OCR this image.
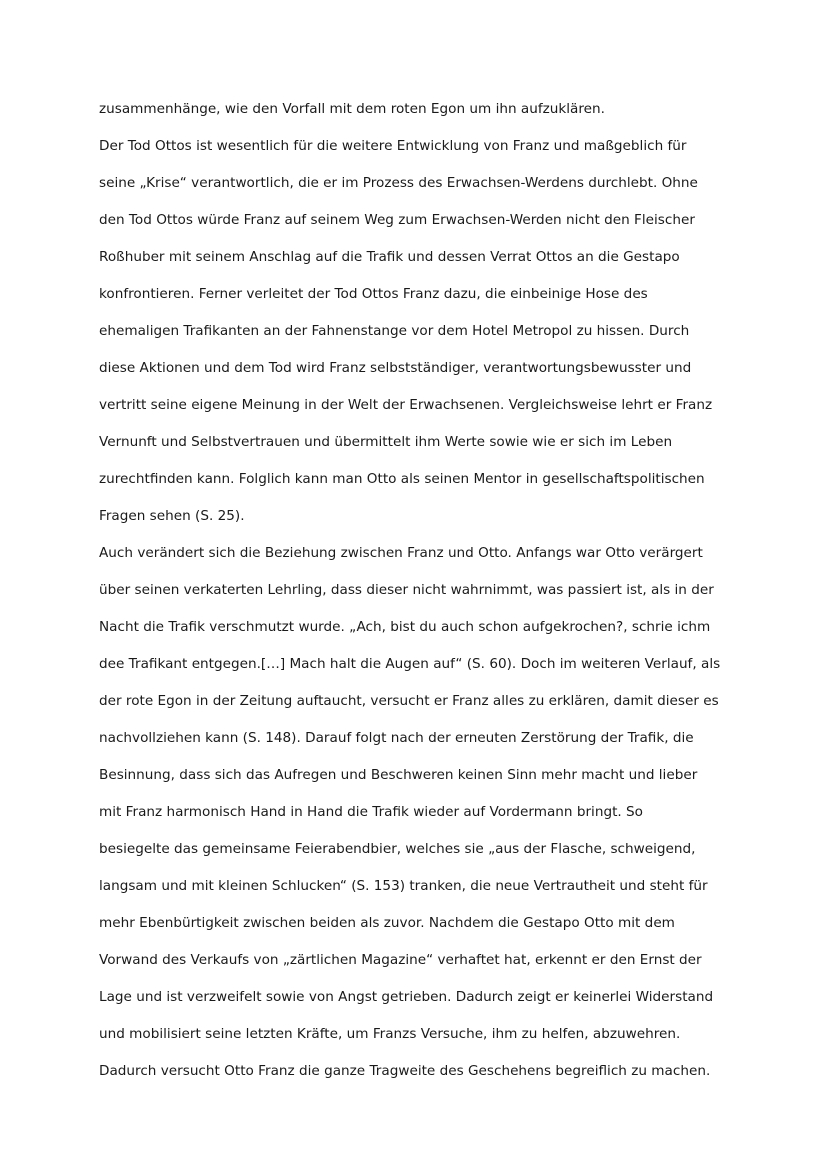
zusammenhänge, wie den Vorfall mit dem roten Egon um ihn aufzuklären.
Der Tod Ottos ist wesentlich für die weitere Entwicklung von Franz und maßgeblich für
seine „Krise“ verantwortlich, die er im Prozess des Erwachsen-Werdens durchlebt. Ohne
den Tod Ottos würde Franz auf seinem Weg zum Erwachsen-Werden nicht den Fleischer
Roßhuber mit seinem Anschlag auf die Trafik und dessen Verrat Ottos an die Gestapo
konfrontieren. Ferner verleitet der Tod Ottos Franz dazu, die einbeinige Hose des
ehemaligen Trafikanten an der Fahnenstange vor dem Hotel Metropol zu hissen. Durch
diese Aktionen und dem Tod wird Franz selbstständiger, verantwortungsbewusster und
vertritt seine eigene Meinung in der Welt der Erwachsenen. Vergleichsweise lehrt er Franz
Vernunft und Selbstvertrauen und übermittelt ihm Werte sowie wie er sich im Leben
zurechtfinden kann. Folglich kann man Otto als seinen Mentor in gesellschaftspolitischen
Fragen sehen (S. 25).
Auch verändert sich die Beziehung zwischen Franz und Otto. Anfangs war Otto verärgert
über seinen verkaterten Lehrling, dass dieser nicht wahrnimmt, was passiert ist, als in der
Nacht die Trafik verschmutzt wurde. „Ach, bist du auch schon aufgekrochen?, schrie ichm
dee Trafikant entgegen.[…] Mach halt die Augen auf“ (S. 60). Doch im weiteren Verlauf, als
der rote Egon in der Zeitung auftaucht, versucht er Franz alles zu erklären, damit dieser es
nachvollziehen kann (S. 148). Darauf folgt nach der erneuten Zerstörung der Trafik, die
Besinnung, dass sich das Aufregen und Beschweren keinen Sinn mehr macht und lieber
mit Franz harmonisch Hand in Hand die Trafik wieder auf Vordermann bringt. So
besiegelte das gemeinsame Feierabendbier, welches sie „aus der Flasche, schweigend,
langsam und mit kleinen Schlucken“ (S. 153) tranken, die neue Vertrautheit und steht für
mehr Ebenbürtigkeit zwischen beiden als zuvor. Nachdem die Gestapo Otto mit dem
Vorwand des Verkaufs von „zärtlichen Magazine“ verhaftet hat, erkennt er den Ernst der
Lage und ist verzweifelt sowie von Angst getrieben. Dadurch zeigt er keinerlei Widerstand
und mobilisiert seine letzten Kräfte, um Franzs Versuche, ihm zu helfen, abzuwehren.
Dadurch versucht Otto Franz die ganze Tragweite des Geschehens begreiflich zu machen.
